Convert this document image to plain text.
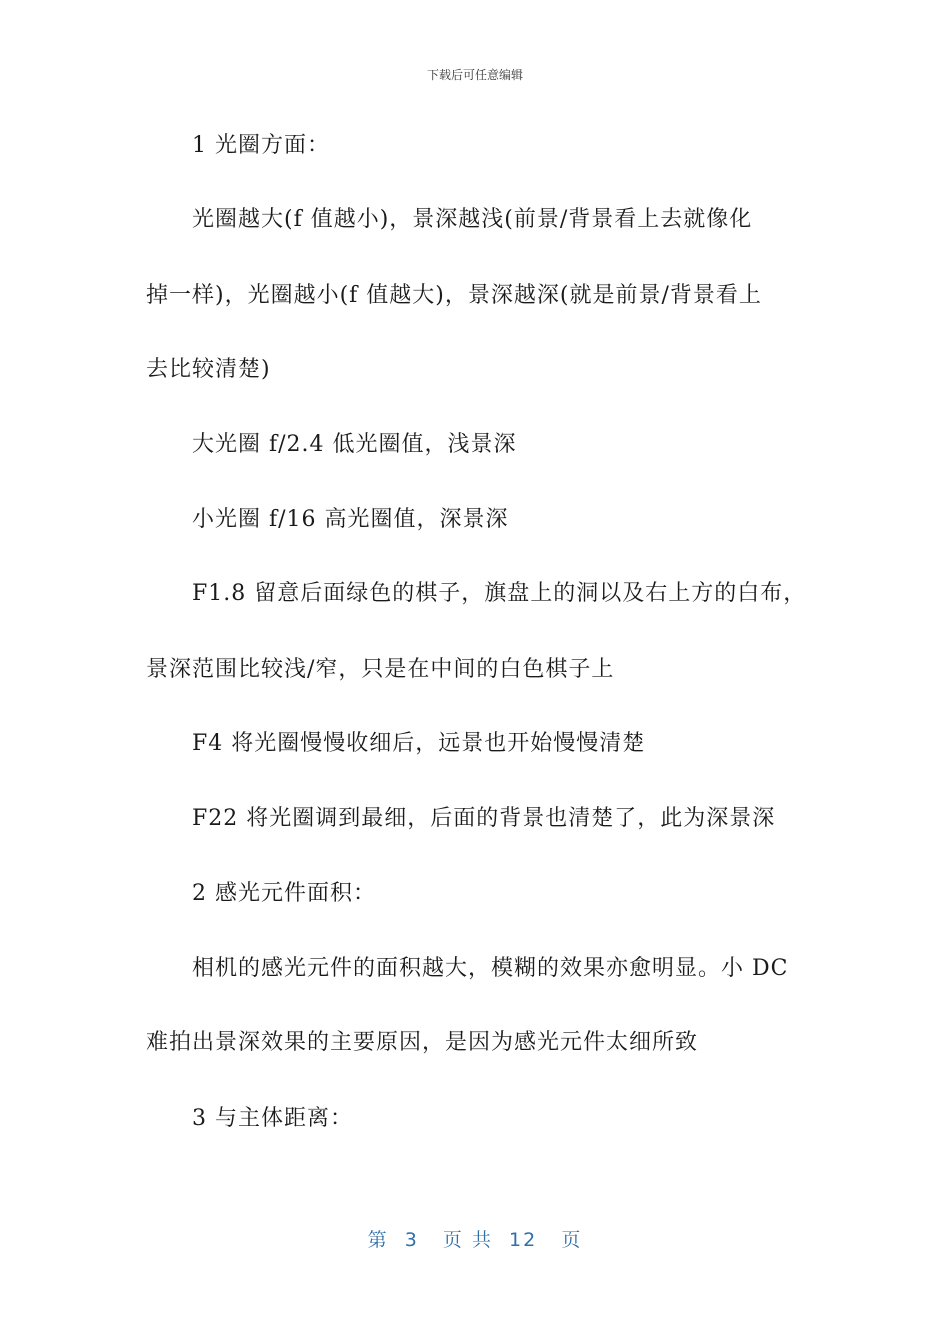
下载后可任意编辑
1 光圈方面：
光圈越大(f 值越小)，景深越浅(前景/背景看上去就像化
掉一样)，光圈越小(f 值越大)，景深越深(就是前景/背景看上
去比较清楚)
大光圈 f/2.4 低光圈值，浅景深
小光圈 f/16 高光圈值，深景深
F1.8 留意后面绿色的棋子，旗盘上的洞以及右上方的白布，
景深范围比较浅/窄，只是在中间的白色棋子上
F4 将光圈慢慢收细后，远景也开始慢慢清楚
F22 将光圈调到最细，后面的背景也清楚了，此为深景深
2 感光元件面积：
相机的感光元件的面积越大，模糊的效果亦愈明显。小 DC
难拍出景深效果的主要原因，是因为感光元件太细所致
3 与主体距离：
第  3   页 共  12   页
